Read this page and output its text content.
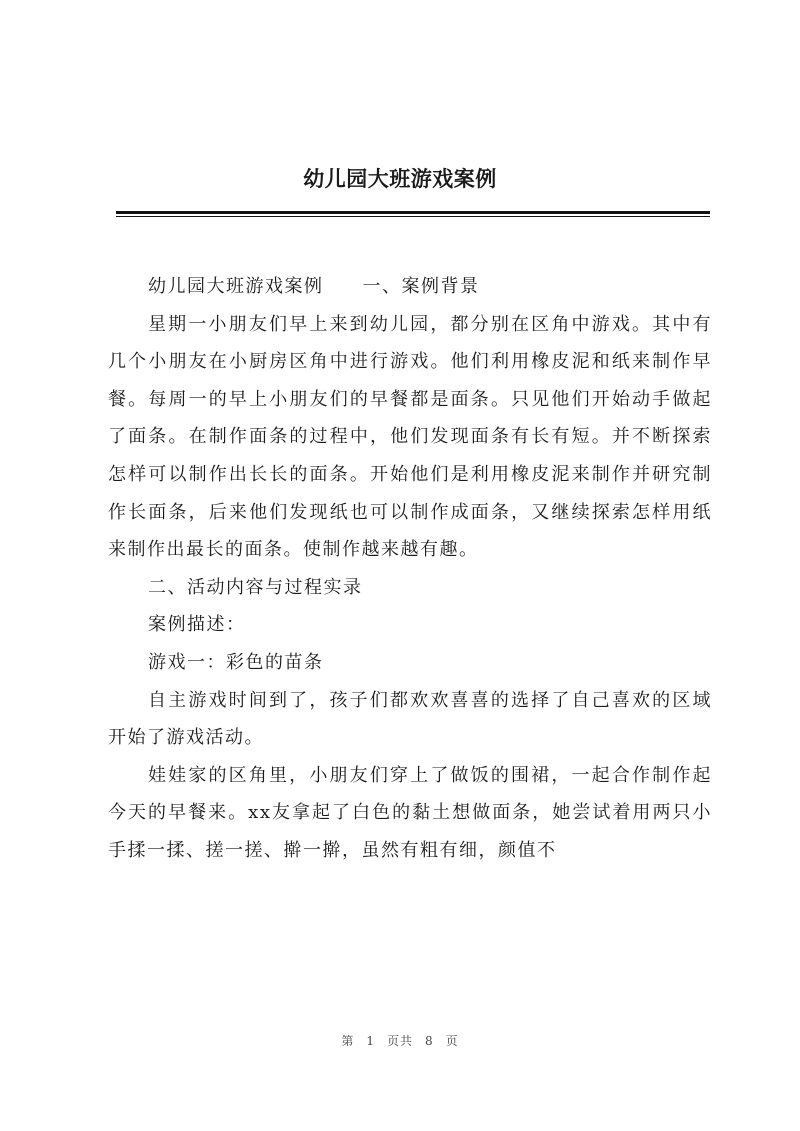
幼儿园大班游戏案例

幼儿园大班游戏案例　　一、案例背景

星期一小朋友们早上来到幼儿园，都分别在区角中游戏。其中有几个小朋友在小厨房区角中进行游戏。他们利用橡皮泥和纸来制作早餐。每周一的早上小朋友们的早餐都是面条。只见他们开始动手做起了面条。在制作面条的过程中，他们发现面条有长有短。并不断探索怎样可以制作出长长的面条。开始他们是利用橡皮泥来制作并研究制作长面条，后来他们发现纸也可以制作成面条，又继续探索怎样用纸来制作出最长的面条。使制作越来越有趣。

二、活动内容与过程实录

案例描述：

游戏一：彩色的苗条

自主游戏时间到了，孩子们都欢欢喜喜的选择了自己喜欢的区域开始了游戏活动。

娃娃家的区角里，小朋友们穿上了做饭的围裙，一起合作制作起今天的早餐来。xx友拿起了白色的黏土想做面条，她尝试着用两只小手揉一揉、搓一搓、擀一擀，虽然有粗有细，颜值不

第 1 页共 8 页
